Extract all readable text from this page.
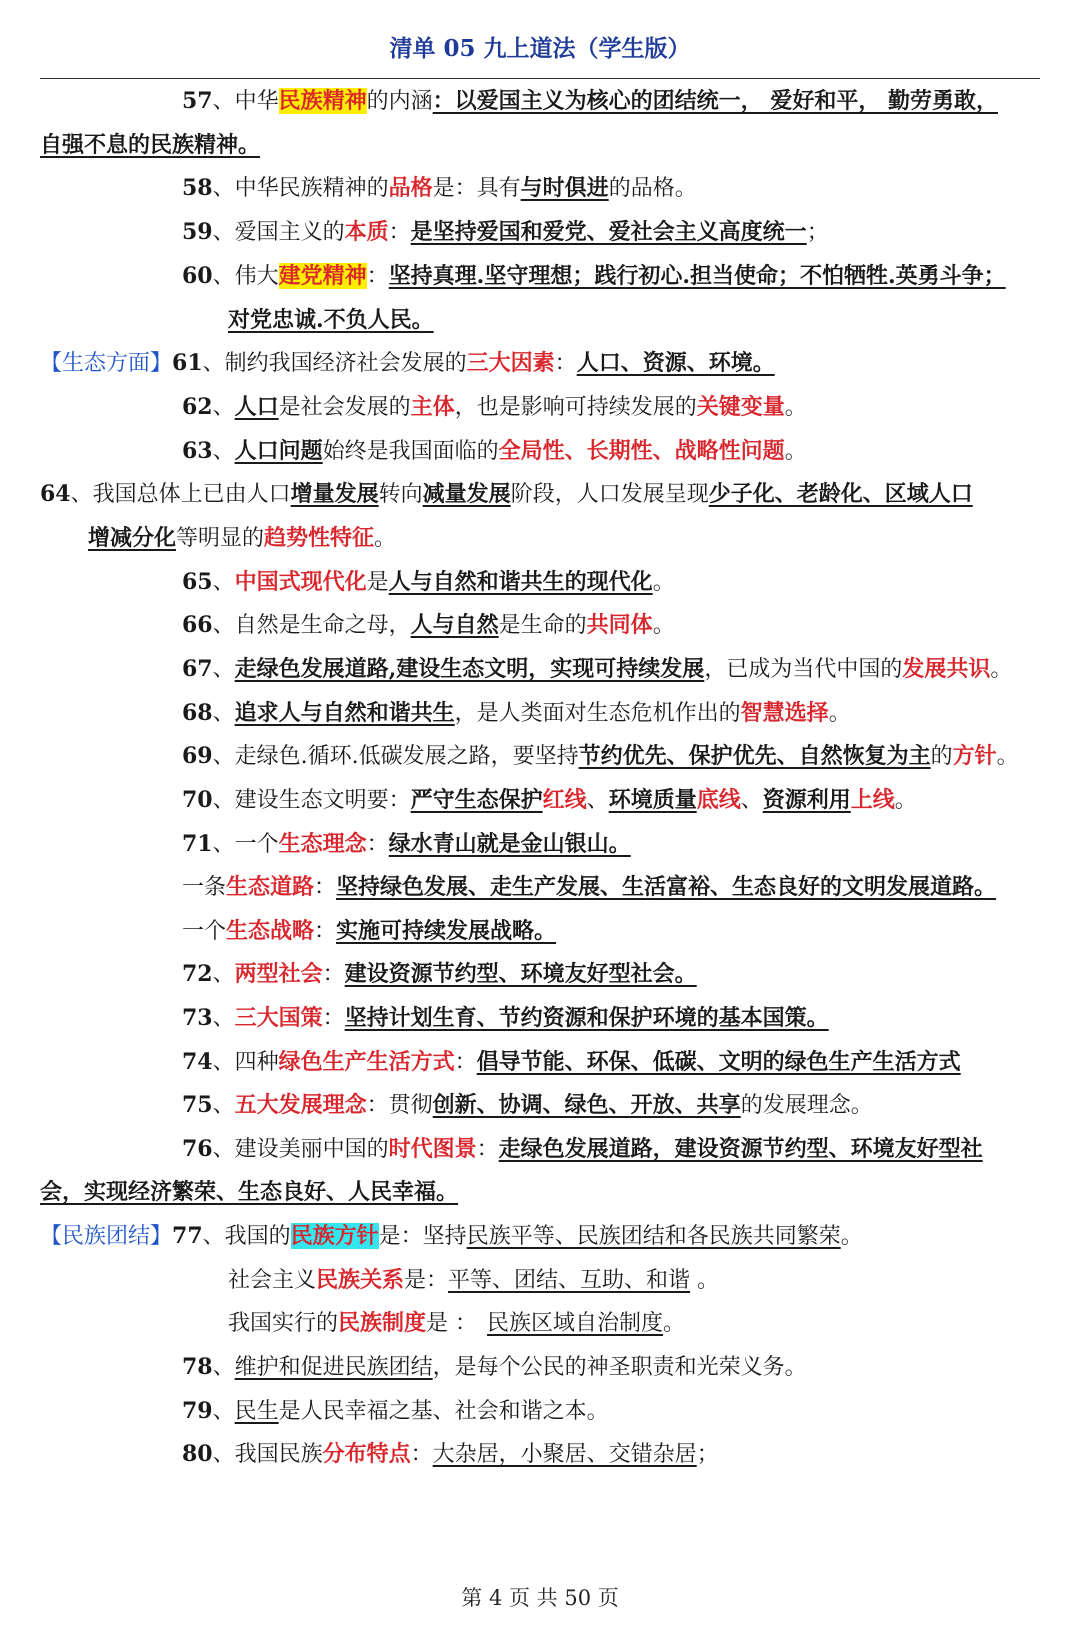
清单 05 九上道法（学生版）
57、中华民族精神的内涵：以爱国主义为核心的团结统一， 爱好和平， 勤劳勇敢，
自强不息的民族精神。
58、中华民族精神的品格是：具有与时俱进的品格。
59、爱国主义的本质：是坚持爱国和爱党、爱社会主义高度统一；
60、伟大建党精神：坚持真理.坚守理想；践行初心.担当使命；不怕牺牲.英勇斗争；
对党忠诚.不负人民。
【生态方面】61、制约我国经济社会发展的三大因素：人口、资源、环境。
62、人口是社会发展的主体，也是影响可持续发展的关键变量。
63、人口问题始终是我国面临的全局性、长期性、战略性问题。
64、我国总体上已由人口增量发展转向减量发展阶段，人口发展呈现少子化、老龄化、区域人口
增减分化等明显的趋势性特征。
65、中国式现代化是人与自然和谐共生的现代化。
66、自然是生命之母，人与自然是生命的共同体。
67、走绿色发展道路,建设生态文明，实现可持续发展，已成为当代中国的发展共识。
68、追求人与自然和谐共生，是人类面对生态危机作出的智慧选择。
69、走绿色.循环.低碳发展之路，要坚持节约优先、保护优先、自然恢复为主的方针。
70、建设生态文明要：严守生态保护红线、环境质量底线、资源利用上线。
71、一个生态理念：绿水青山就是金山银山。
一条生态道路：坚持绿色发展、走生产发展、生活富裕、生态良好的文明发展道路。
一个生态战略：实施可持续发展战略。
72、两型社会：建设资源节约型、环境友好型社会。
73、三大国策：坚持计划生育、节约资源和保护环境的基本国策。
74、四种绿色生产生活方式：倡导节能、环保、低碳、文明的绿色生产生活方式
75、五大发展理念：贯彻创新、协调、绿色、开放、共享的发展理念。
76、建设美丽中国的时代图景：走绿色发展道路，建设资源节约型、环境友好型社
会，实现经济繁荣、生态良好、人民幸福。
【民族团结】77、我国的民族方针是：坚持民族平等、民族团结和各民族共同繁荣。
社会主义民族关系是：平等、团结、互助、和谐 。
我国实行的民族制度是 ： 民族区域自治制度。
78、维护和促进民族团结，是每个公民的神圣职责和光荣义务。
79、民生是人民幸福之基、社会和谐之本。
80、我国民族分布特点：大杂居，小聚居、交错杂居；
第 4 页 共 50 页
